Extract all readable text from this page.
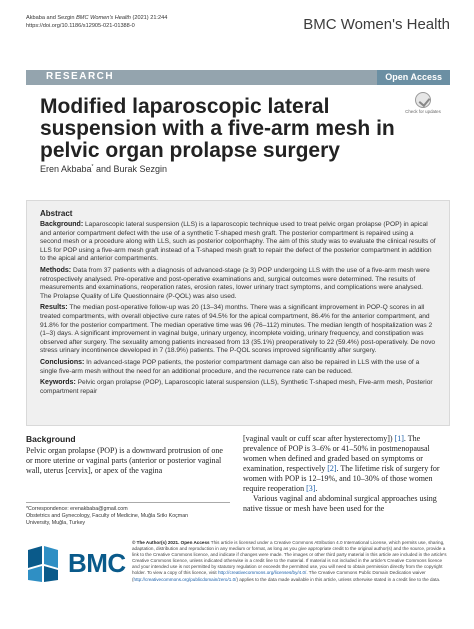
Akbaba and Sezgin BMC Women's Health (2021) 21:244
https://doi.org/10.1186/s12905-021-01388-0	BMC Women's Health
RESEARCH	Open Access
Check for updates
Modified laparoscopic lateral suspension with a five-arm mesh in pelvic organ prolapse surgery
Eren Akbaba* and Burak Sezgin
Abstract

Background: Laparoscopic lateral suspension (LLS) is a laparoscopic technique used to treat pelvic organ prolapse (POP) in apical and anterior compartment defect with the use of a synthetic T-shaped mesh graft. The posterior compartment is repaired using a second mesh or a procedure along with LLS, such as posterior colporrhaphy. The aim of this study was to evaluate the clinical results of LLS for POP using a five-arm mesh graft instead of a T-shaped mesh graft to repair the defect of the posterior compartment in addition to the apical and anterior compartments.

Methods: Data from 37 patients with a diagnosis of advanced-stage (≥ 3) POP undergoing LLS with the use of a five-arm mesh were retrospectively analysed. Pre-operative and post-operative examinations and, surgical outcomes were determined. The results of measurements and examinations, reoperation rates, erosion rates, lower urinary tract symptoms, and complications were analysed. The Prolapse Quality of Life Questionnaire (P-QOL) was also used.

Results: The median post-operative follow-up was 20 (13–34) months. There was a significant improvement in POP-Q scores in all treated compartments, with overall objective cure rates of 94.5% for the apical compartment, 86.4% for the anterior compartment, and 91.8% for the posterior compartment. The median operative time was 96 (76–112) minutes. The median length of hospitalization was 2 (1–3) days. A significant improvement in vaginal bulge, urinary urgency, incomplete voiding, urinary frequency, and constipation was observed after surgery. The sexuality among patients increased from 13 (35.1%) preoperatively to 22 (59.4%) post-operatively. De novo stress urinary incontinence developed in 7 (18.9%) patients. The P-QOL scores improved significantly after surgery.

Conclusions: In advanced-stage POP patients, the posterior compartment damage can also be repaired in LLS with the use of a single five-arm mesh without the need for an additional procedure, and the recurrence rate can be reduced.

Keywords: Pelvic organ prolapse (POP), Laparoscopic lateral suspension (LLS), Synthetic T-shaped mesh, Five-arm mesh, Posterior compartment repair

Background
Pelvic organ prolapse (POP) is a downward protrusion of one or more uterine or vaginal parts (anterior or posterior vaginal wall, uterus [cervix], or apex of the vagina
*Correspondence: erenakbaba@gmail.com
Obstetrics and Gynecology, Faculty of Medicine, Muğla Sıtkı Koçman
University, Muğla, Turkey

[vaginal vault or cuff scar after hysterectomy]) [1]. The prevalence of POP is 3–6% or 41–50% in postmenopausal women when defined and graded based on symptoms or examination, respectively [2]. The lifetime risk of surgery for women with POP is 12–19%, and 10–30% of those women require reoperation [3].

Various vaginal and abdominal surgical approaches using native tissue or mesh have been used for the

BMC
© The Author(s) 2021. Open Access This article is licensed under a Creative Commons Attribution 4.0 International License, which permits use, sharing, adaptation, distribution and reproduction in any medium or format, as long as you give appropriate credit to the original author(s) and the source, provide a link to the Creative Commons licence, and indicate if changes were made. The images or other third party material in this article are included in the article's Creative Commons licence, unless indicated otherwise in a credit line to the material. If material is not included in the article's Creative Commons licence and your intended use is not permitted by statutory regulation or exceeds the permitted use, you will need to obtain permission directly from the copyright holder. To view a copy of this licence, visit http://creativecommons.org/licenses/by/4.0/. The Creative Commons Public Domain Dedication waiver (http://creativecommons.org/publicdomain/zero/1.0/) applies to the data made available in this article, unless otherwise stated in a credit line to the data.
